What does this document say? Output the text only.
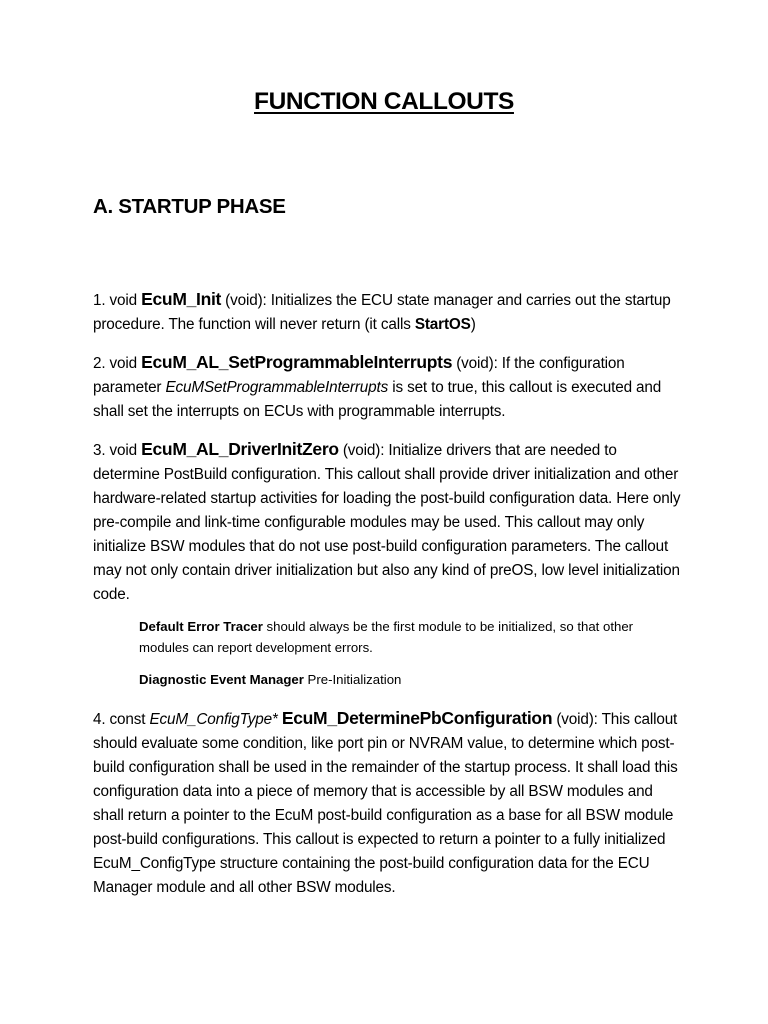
FUNCTION CALLOUTS
A. STARTUP PHASE

1. void EcuM_Init (void): Initializes the ECU state manager and carries out the startup procedure. The function will never return (it calls StartOS)

2. void EcuM_AL_SetProgrammableInterrupts (void): If the configuration parameter EcuMSetProgrammableInterrupts is set to true, this callout is executed and shall set the interrupts on ECUs with programmable interrupts.

3. void EcuM_AL_DriverInitZero (void): Initialize drivers that are needed to determine PostBuild configuration. This callout shall provide driver initialization and other hardware-related startup activities for loading the post-build configuration data. Here only pre-compile and link-time configurable modules may be used. This callout may only initialize BSW modules that do not use post-build configuration parameters. The callout may not only contain driver initialization but also any kind of preOS, low level initialization code.

Default Error Tracer should always be the first module to be initialized, so that other modules can report development errors.

Diagnostic Event Manager Pre-Initialization

4. const EcuM_ConfigType* EcuM_DeterminePbConfiguration (void): This callout should evaluate some condition, like port pin or NVRAM value, to determine which post-build configuration shall be used in the remainder of the startup process. It shall load this configuration data into a piece of memory that is accessible by all BSW modules and shall return a pointer to the EcuM post-build configuration as a base for all BSW module post-build configurations. This callout is expected to return a pointer to a fully initialized EcuM_ConfigType structure containing the post-build configuration data for the ECU Manager module and all other BSW modules.
